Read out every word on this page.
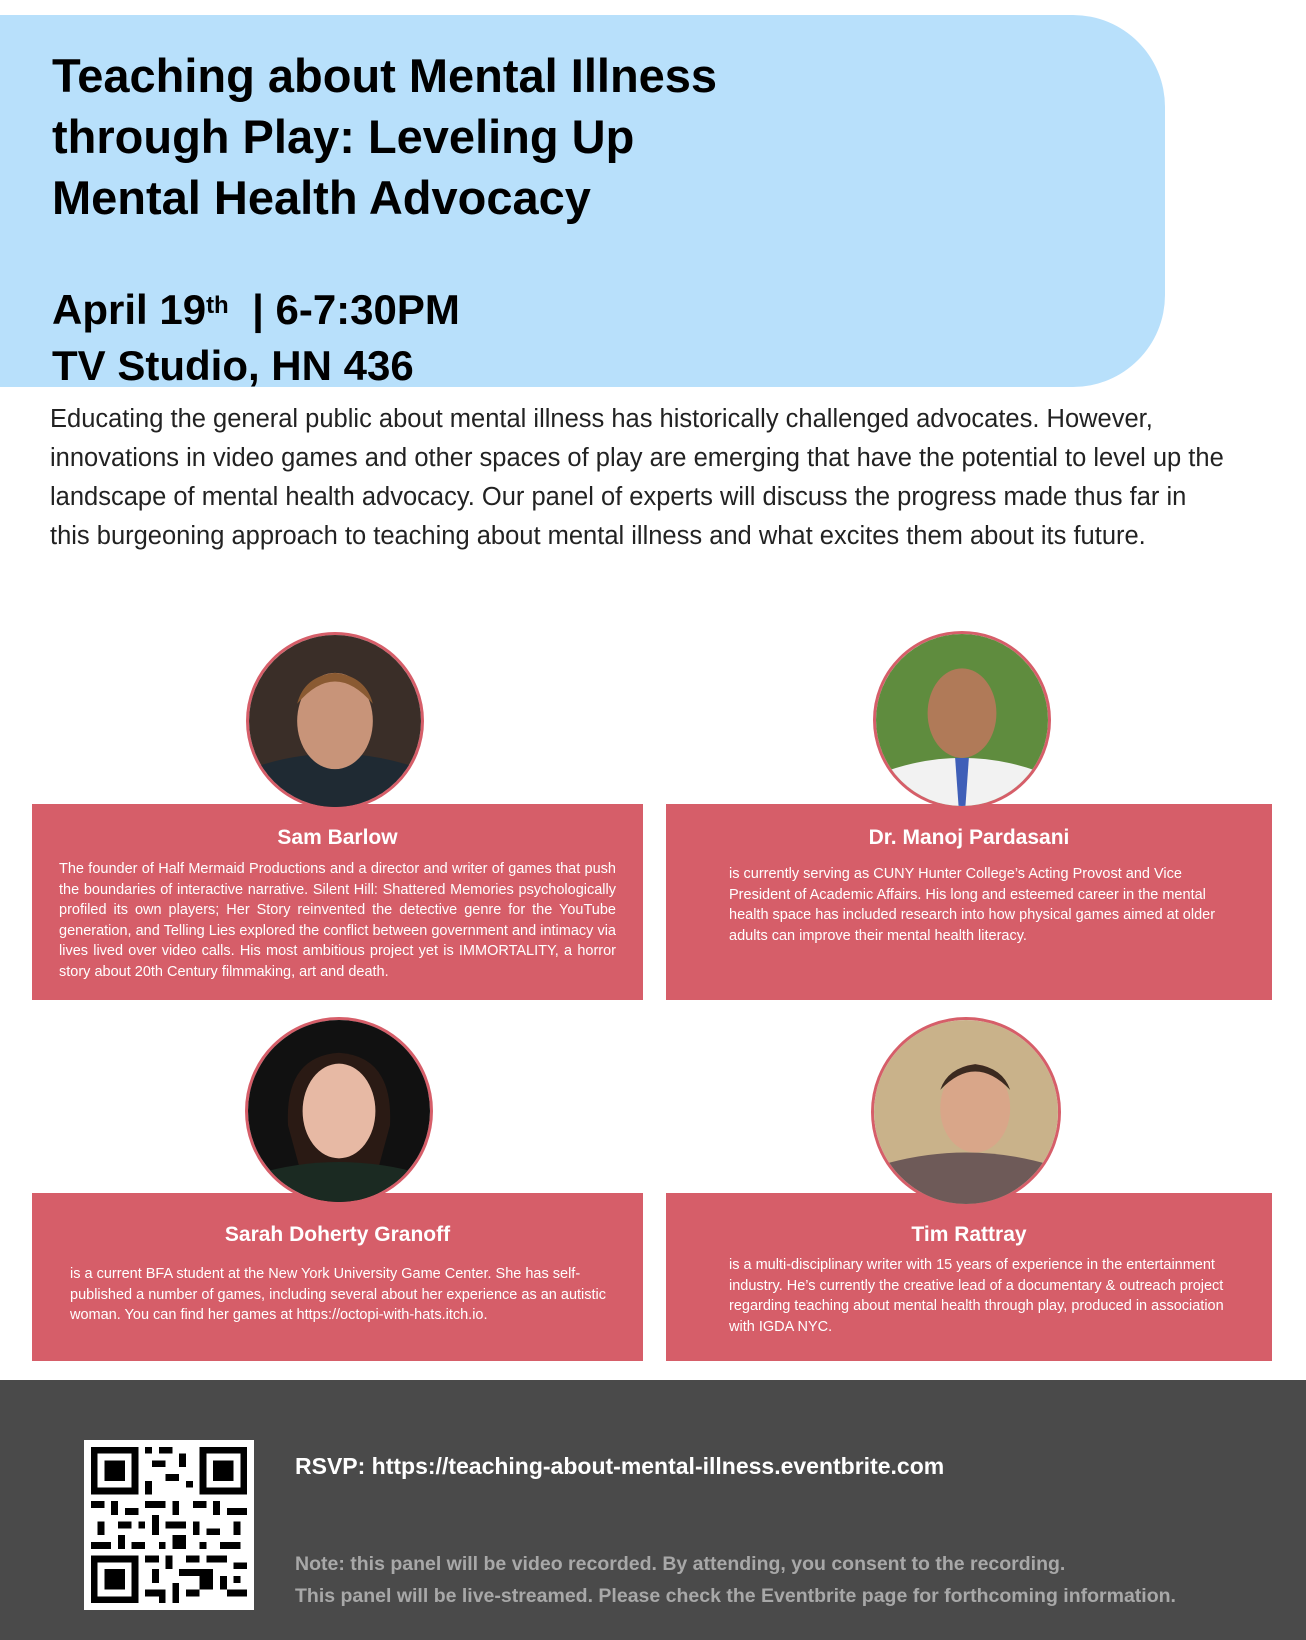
Teaching about Mental Illness
through Play: Leveling Up
Mental Health Advocacy
April 19th | 6-7:30PM
TV Studio, HN 436

Educating the general public about mental illness has historically challenged advocates. However, innovations in video games and other spaces of play are emerging that have the potential to level up the landscape of mental health advocacy. Our panel of experts will discuss the progress made thus far in this burgeoning approach to teaching about mental illness and what excites them about its future.

Sam Barlow
The founder of Half Mermaid Productions and a director and writer of games that push the boundaries of interactive narrative. Silent Hill: Shattered Memories psychologically profiled its own players; Her Story reinvented the detective genre for the YouTube generation, and Telling Lies explored the conflict between government and intimacy via lives lived over video calls. His most ambitious project yet is IMMORTALITY, a horror story about 20th Century filmmaking, art and death.
Dr. Manoj Pardasani
is currently serving as CUNY Hunter College’s Acting Provost and Vice President of Academic Affairs. His long and esteemed career in the mental health space has included research into how physical games aimed at older adults can improve their mental health literacy.
Sarah Doherty Granoff
is a current BFA student at the New York University Game Center. She has self-published a number of games, including several about her experience as an autistic woman. You can find her games at https://octopi-with-hats.itch.io.
Tim Rattray
is a multi-disciplinary writer with 15 years of experience in the entertainment industry. He’s currently the creative lead of a documentary & outreach project regarding teaching about mental health through play, produced in association with IGDA NYC.
RSVP: https://teaching-about-mental-illness.eventbrite.com
Note: this panel will be video recorded. By attending, you consent to the recording.
This panel will be live-streamed. Please check the Eventbrite page for forthcoming information.
